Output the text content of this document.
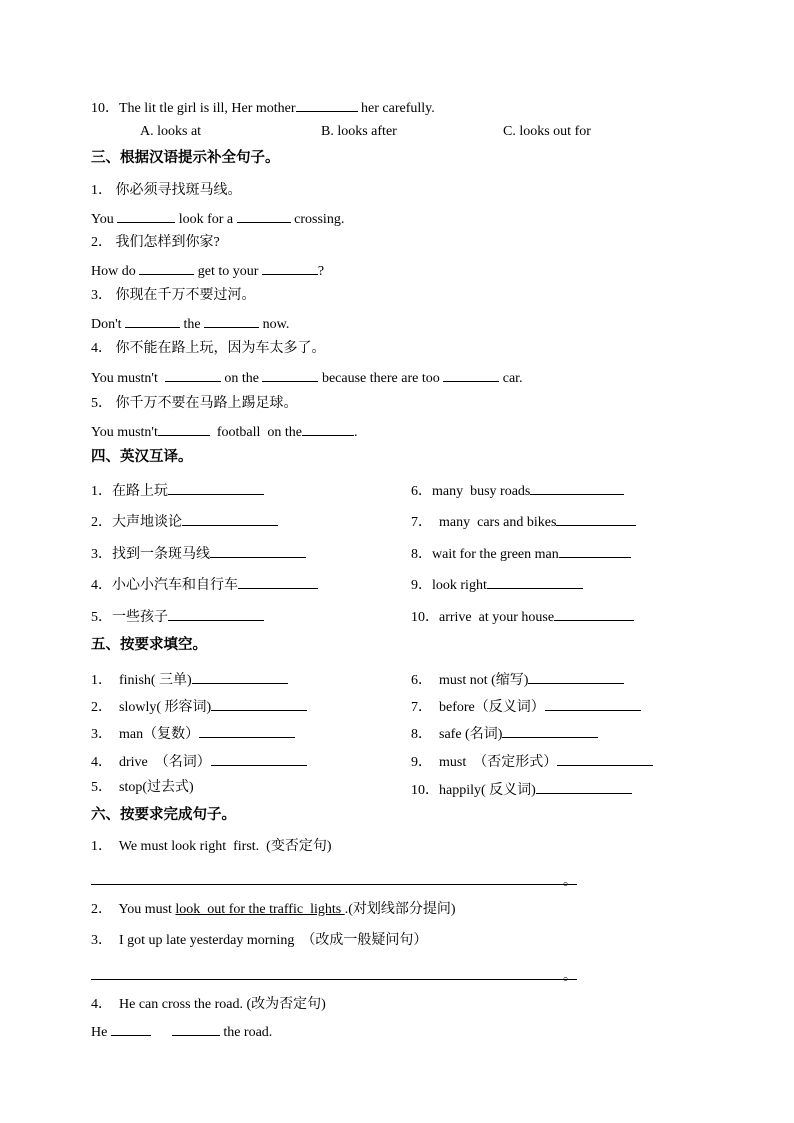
10．The lit tle girl is ill, Her mother	her carefully.
A. looks at	B. looks after	C. looks out for
三、根据汉语提示补全句子。
1． 你必须寻找斑马线。
You	look for a	crossing.
2． 我们怎样到你家?
How do	get to your	?
3． 你现在千万不要过河。
Don't	the	now.
4． 你不能在路上玩，因为车太多了。
You mustn't	on the	because there are too	car.
5． 你千万不要在马路上踢足球。
You mustn't	football  on the	.
四、英汉互译。
1．在路上玩
2．大声地谈论
3．找到一条斑马线
4．小心小汽车和自行车
5．一些孩子
6．many  busy roads
7．  many  cars and bikes
8．wait for the green man
9．look right
10．arrive  at your house
五、按要求填空。
1．  finish( 三单)
2．  slowly( 形容词)
3．  man（复数）
4．  drive  （名词）
5．  stop(过去式)
6．  must not (缩写)
7．  before（反义词）
8．  safe (名词)
9．  must  （否定形式）
10．happily( 反义词)
六、按要求完成句子。
1．  We must look right  first.  (变否定句)
。
2．  You must look  out for the traffic  lights .(对划线部分提问)
3．  I got up late yesterday morning  （改成一般疑问句）
。
4．  He can cross the road. (改为否定句)
He	the road.
